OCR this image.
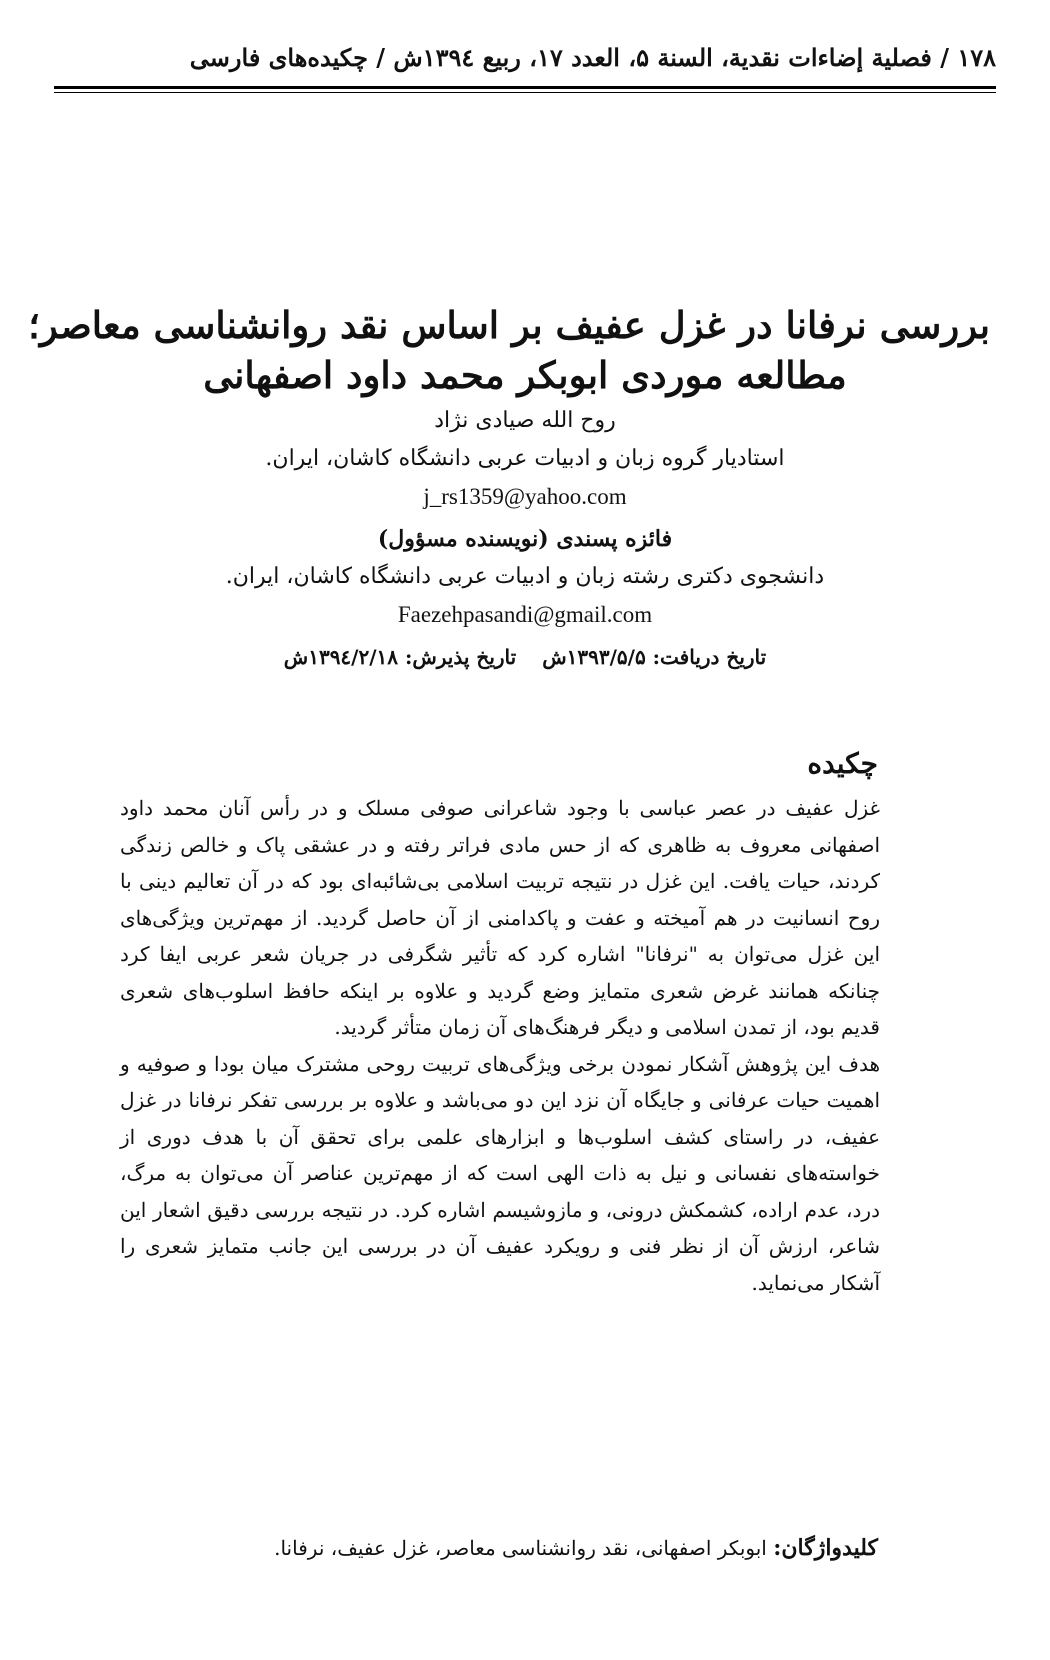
۱۷۸ / فصلية إضاءات نقدية، السنة ۵، العدد ۱۷، ربیع ۱۳۹٤ش / چکیده‌های فارسی
بررسی نرفانا در غزل عفیف بر اساس نقد روانشناسی معاصر؛
مطالعه موردی ابوبکر محمد داود اصفهانی
روح الله صیادی نژاد
استادیار گروه زبان و ادبیات عربی دانشگاه کاشان، ایران.
j_rs1359@yahoo.com
فائزه پسندی (نویسنده مسؤول)
دانشجوی دکتری رشته زبان و ادبیات عربی دانشگاه کاشان، ایران.
Faezehpasandi@gmail.com
تاریخ دریافت: ۱۳۹۳/۵/۵شتاریخ پذیرش: ۱۳۹٤/۲/۱۸ش
چکیده

غزل عفیف در عصر عباسی با وجود شاعرانی صوفی مسلک و در رأس آنان محمد داود اصفهانی معروف به ظاهری که از حس مادی فراتر رفته و در عشقی پاک و خالص زندگی کردند، حیات یافت. این غزل در نتیجه تربیت اسلامی بی‌شائبه‌ای بود که در آن تعالیم دینی با روح انسانیت در هم آمیخته و عفت و پاکدامنی از آن حاصل گردید. از مهم‌ترین ویژگی‌های این غزل می‌توان به "نرفانا" اشاره کرد که تأثیر شگرفی در جریان شعر عربی ایفا کرد چنانکه همانند غرض شعری متمایز وضع گردید و علاوه بر اینکه حافظ اسلوب‌های شعری قدیم بود، از تمدن اسلامی و دیگر فرهنگ‌های آن زمان متأثر گردید.

هدف این پژوهش آشکار نمودن برخی ویژگی‌های تربیت روحی مشترک میان بودا و صوفیه و اهمیت حیات عرفانی و جایگاه آن نزد این دو می‌باشد و علاوه بر بررسی تفکر نرفانا در غزل عفیف، در راستای کشف اسلوب‌ها و ابزارهای علمی برای تحقق آن با هدف دوری از خواسته‌های نفسانی و نیل به ذات الهی است که از مهم‌ترین عناصر آن می‌توان به مرگ، درد، عدم اراده، کشمکش درونی، و مازوشیسم اشاره کرد. در نتیجه بررسی دقیق اشعار این شاعر، ارزش آن از نظر فنی و رویکرد عفیف آن در بررسی این جانب متمایز شعری را آشکار می‌نماید.

کلیدواژگان: ابوبکر اصفهانی، نقد روانشناسی معاصر، غزل عفیف، نرفانا.
